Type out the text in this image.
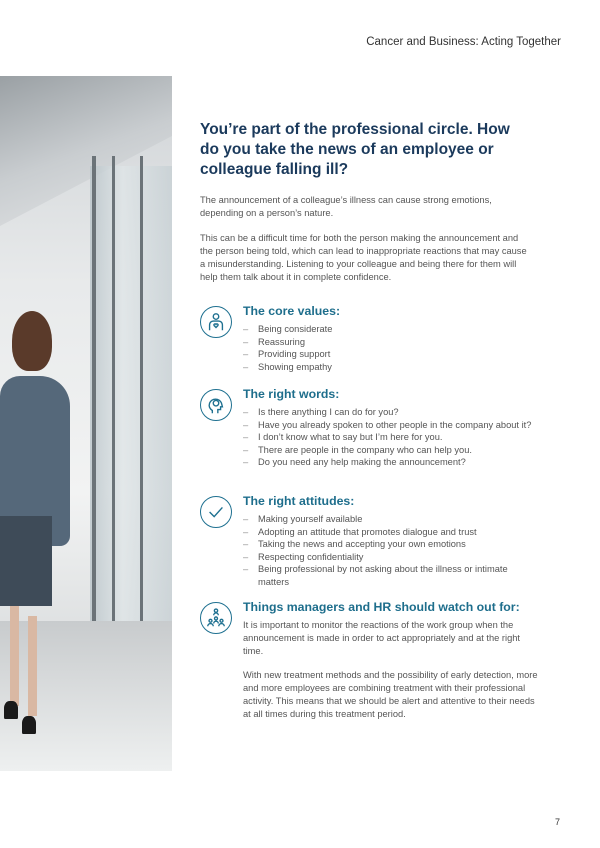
Cancer and Business: Acting Together
You’re part of the professional circle. How do you take the news of an employee or colleague falling ill?

The announcement of a colleague’s illness can cause strong emotions, depending on a person’s nature.

This can be a difficult time for both the person making the announcement and the person being told, which can lead to inappropriate reactions that may cause a misunderstanding. Listening to your colleague and being there for them will help them talk about it in complete confidence.

The core values:
– Being considerate
– Reassuring
– Providing support
– Showing empathy
The right words:
– Is there anything I can do for you?
– Have you already spoken to other people in the company about it?
– I don’t know what to say but I’m here for you.
– There are people in the company who can help you.
– Do you need any help making the announcement?
The right attitudes:
– Making yourself available
– Adopting an attitude that promotes dialogue and trust
– Taking the news and accepting your own emotions
– Respecting confidentiality
– Being professional by not asking about the illness or intimate matters
Things managers and HR should watch out for:

It is important to monitor the reactions of the work group when the announcement is made in order to act appropriately and at the right time.

With new treatment methods and the possibility of early detection, more and more employees are combining treatment with their professional activity. This means that we should be alert and attentive to their needs at all times during this treatment period.

7
